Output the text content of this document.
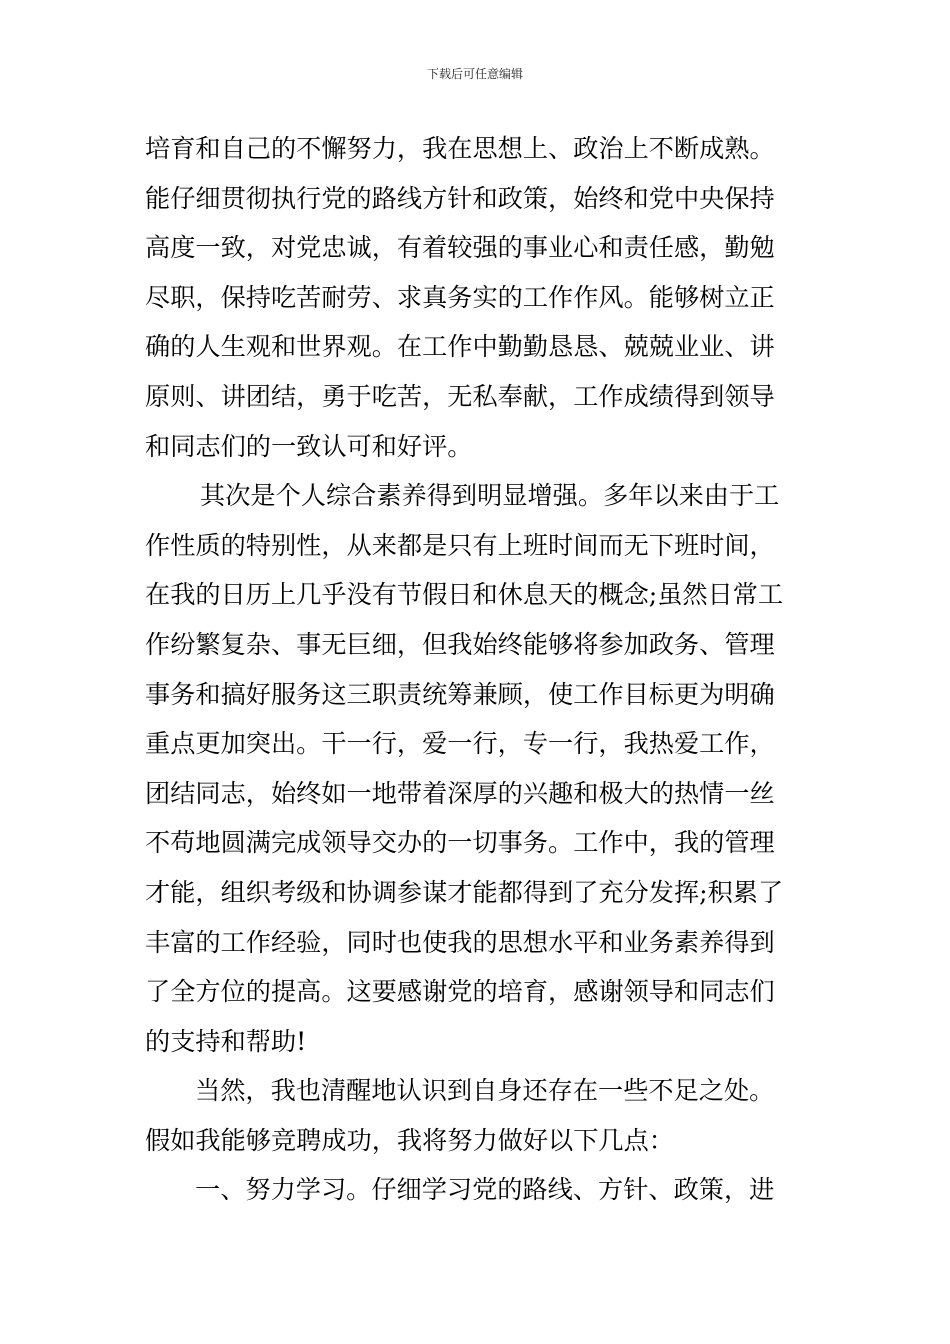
下载后可任意编辑
培育和自己的不懈努力，我在思想上、政治上不断成熟。
能仔细贯彻执行党的路线方针和政策，始终和党中央保持
高度一致，对党忠诚，有着较强的事业心和责任感，勤勉
尽职，保持吃苦耐劳、求真务实的工作作风。能够树立正
确的人生观和世界观。在工作中勤勤恳恳、兢兢业业、讲
原则、讲团结，勇于吃苦，无私奉献，工作成绩得到领导
和同志们的一致认可和好评。
其次是个人综合素养得到明显增强。多年以来由于工
作性质的特别性，从来都是只有上班时间而无下班时间，
在我的日历上几乎没有节假日和休息天的概念;虽然日常工
作纷繁复杂、事无巨细，但我始终能够将参加政务、管理
事务和搞好服务这三职责统筹兼顾，使工作目标更为明确
重点更加突出。干一行，爱一行，专一行，我热爱工作，
团结同志，始终如一地带着深厚的兴趣和极大的热情一丝
不苟地圆满完成领导交办的一切事务。工作中，我的管理
才能，组织考级和协调参谋才能都得到了充分发挥;积累了
丰富的工作经验，同时也使我的思想水平和业务素养得到
了全方位的提高。这要感谢党的培育，感谢领导和同志们
的支持和帮助!
当然，我也清醒地认识到自身还存在一些不足之处。
假如我能够竞聘成功，我将努力做好以下几点：
一、努力学习。仔细学习党的路线、方针、政策，进
